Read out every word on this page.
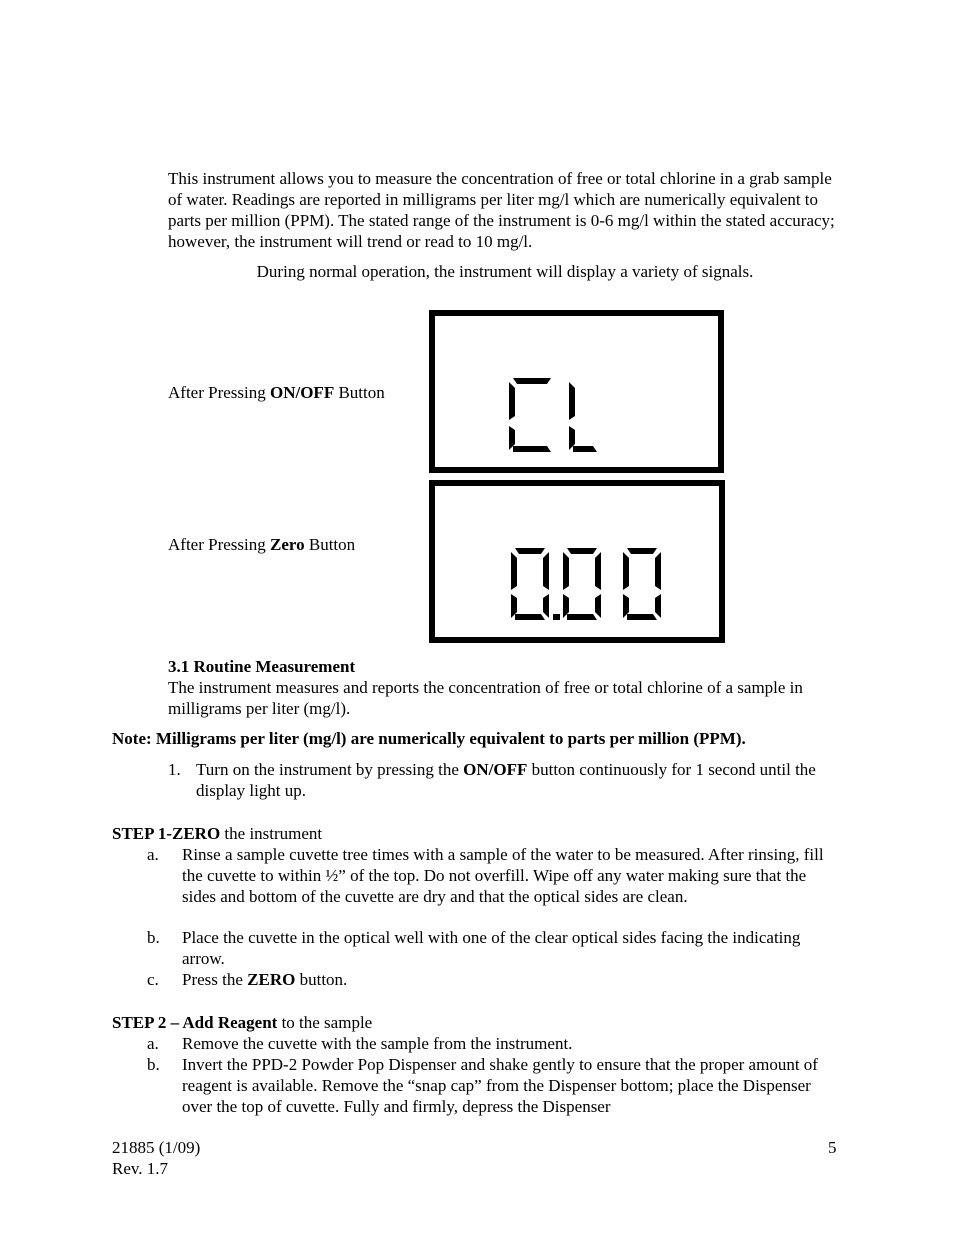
This instrument allows you to measure the concentration of free or total chlorine in a grab sample of water. Readings are reported in milligrams per liter mg/l which are numerically equivalent to parts per million (PPM). The stated range of the instrument is 0-6 mg/l within the stated accuracy; however, the instrument will trend or read to 10 mg/l.

During normal operation, the instrument will display a variety of signals.

After Pressing ON/OFF Button

After Pressing Zero Button

3.1 Routine Measurement

The instrument measures and reports the concentration of free or total chlorine of a sample in milligrams per liter (mg/l).

Note: Milligrams per liter (mg/l) are numerically equivalent to parts per million (PPM).

1. Turn on the instrument by pressing the ON/OFF button continuously for 1 second until the display light up.

STEP 1-ZERO the instrument

a. Rinse a sample cuvette tree times with a sample of the water to be measured. After rinsing, fill the cuvette to within ½” of the top. Do not overfill. Wipe off any water making sure that the sides and bottom of the cuvette are dry and that the optical sides are clean.

b. Place the cuvette in the optical well with one of the clear optical sides facing the indicating arrow.

c. Press the ZERO button.

STEP 2 – Add Reagent to the sample

a. Remove the cuvette with the sample from the instrument.

b. Invert the PPD-2 Powder Pop Dispenser and shake gently to ensure that the proper amount of reagent is available. Remove the “snap cap” from the Dispenser bottom; place the Dispenser over the top of cuvette. Fully and firmly, depress the Dispenser

21885 (1/09)

Rev. 1.7

5
